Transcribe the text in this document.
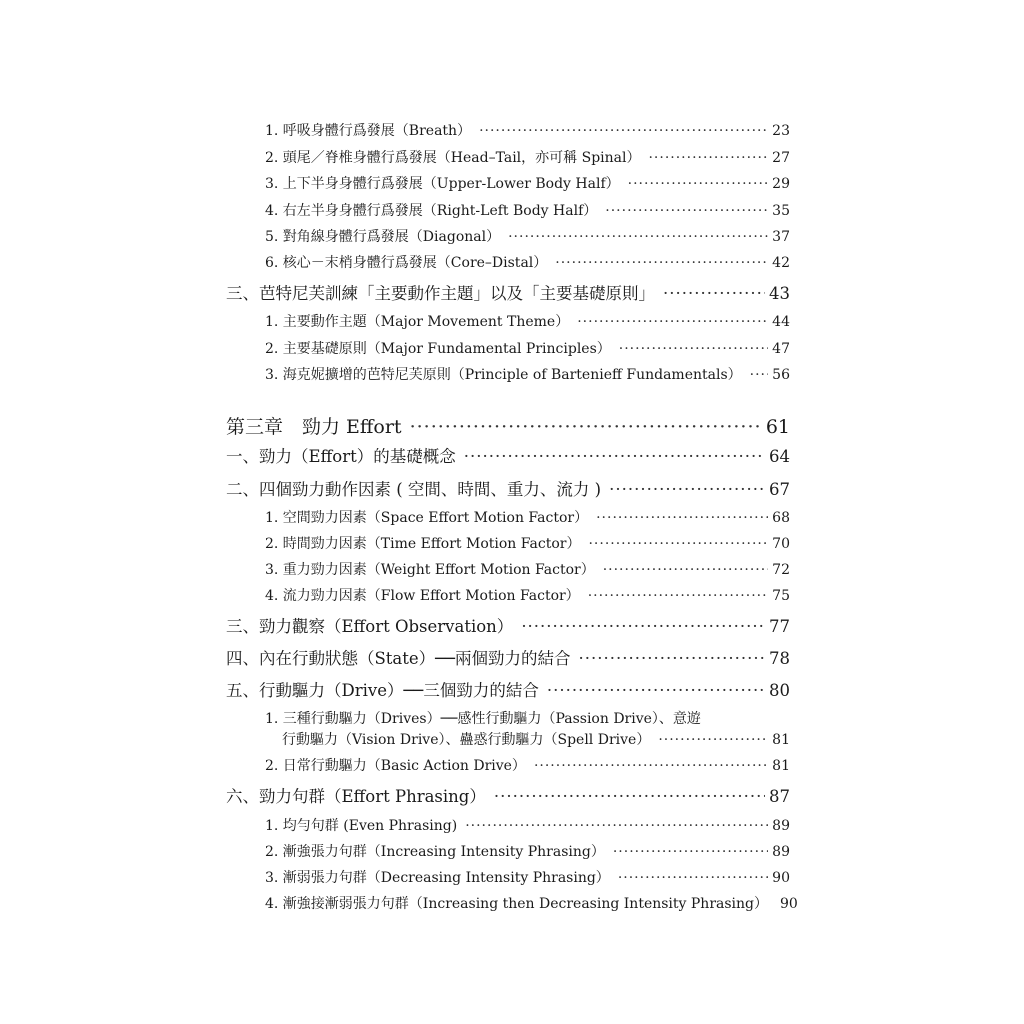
1. 呼吸身體行爲發展（Breath） ·····	23
2. 頭尾／脊椎身體行爲發展（Head–Tail，亦可稱 Spinal） ·····	27
3. 上下半身身體行爲發展（Upper-Lower Body Half） ·····	29
4. 右左半身身體行爲發展（Right-Left Body Half） ·····	35
5. 對角線身體行爲發展（Diagonal） ·····	37
6. 核心－末梢身體行爲發展（Core–Distal） ·····	42
三、芭特尼芙訓練「主要動作主題」以及「主要基礎原則」 ·····	43
1. 主要動作主題（Major Movement Theme） ·····	44
2. 主要基礎原則（Major Fundamental Principles） ·····	47
3. 海克妮擴增的芭特尼芙原則（Principle of Bartenieff Fundamentals） ····· 56
第三章　勁力 Effort ·····	61
一、勁力（Effort）的基礎概念 ·····	64
二、四個勁力動作因素 ( 空間、時間、重力、流力 ) ·····	67
1. 空間勁力因素（Space Effort Motion Factor） ·····	68
2. 時間勁力因素（Time Effort Motion Factor） ·····	70
3. 重力勁力因素（Weight Effort Motion Factor） ·····	72
4. 流力勁力因素（Flow Effort Motion Factor） ·····	75
三、勁力觀察（Effort Observation） ·····	77
四、內在行動狀態（State）──兩個勁力的結合 ·····	78
五、行動驅力（Drive）──三個勁力的結合 ·····	80
1. 三種行動驅力（Drives）──感性行動驅力（Passion Drive）、意遊
行動驅力（Vision Drive）、蠱惑行動驅力（Spell Drive） ·····	81
2. 日常行動驅力（Basic Action Drive） ·····	81
六、勁力句群（Effort Phrasing） ·····	87
1. 均勻句群 (Even Phrasing) ·····	89
2. 漸強張力句群（Increasing Intensity Phrasing） ·····	89
3. 漸弱張力句群（Decreasing Intensity Phrasing） ·····	90
4. 漸強接漸弱張力句群（Increasing then Decreasing Intensity Phrasing） 90
